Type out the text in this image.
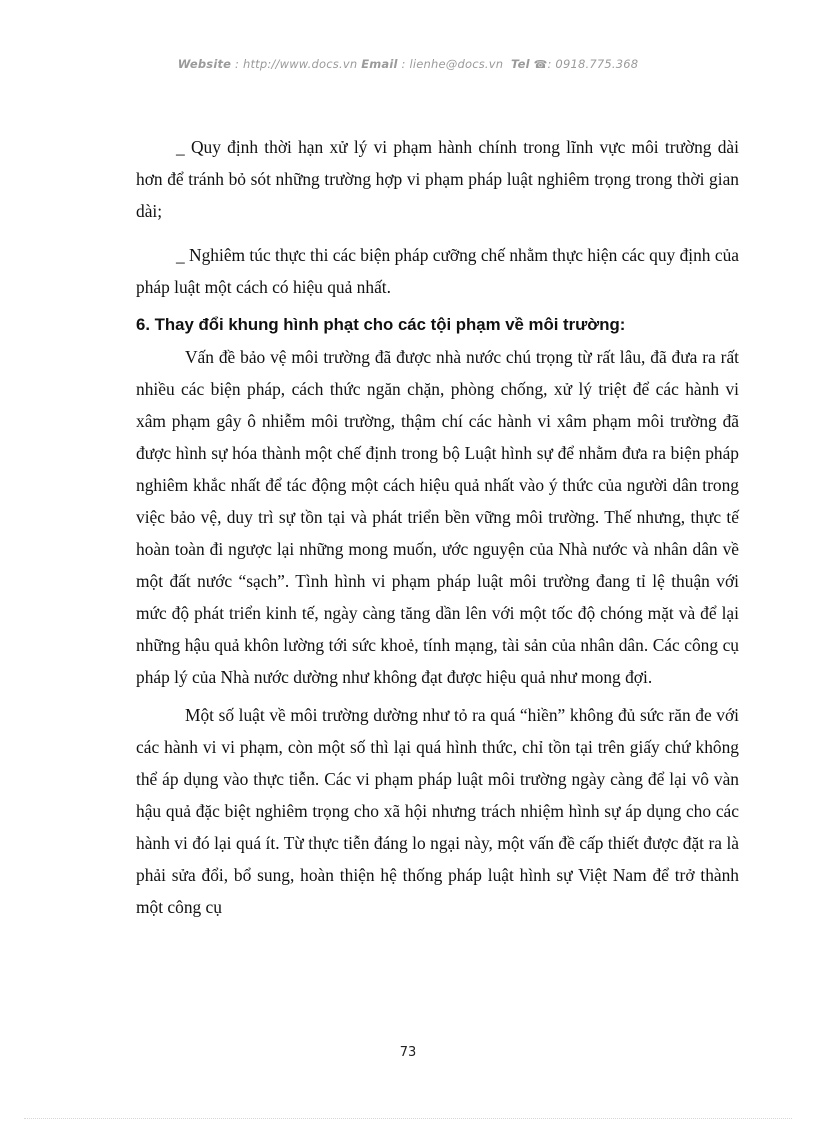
Website : http://www.docs.vn Email : lienhe@docs.vn Tel ☎: 0918.775.368

_ Quy định thời hạn xử lý vi phạm hành chính trong lĩnh vực môi trường dài hơn để tránh bỏ sót những trường hợp vi phạm pháp luật nghiêm trọng trong thời gian dài;

_ Nghiêm túc thực thi các biện pháp cưỡng chế nhằm thực hiện các quy định của pháp luật một cách có hiệu quả nhất.

6. Thay đổi khung hình phạt cho các tội phạm về môi trường:

Vấn đề bảo vệ môi trường đã được nhà nước chú trọng từ rất lâu, đã đưa ra rất nhiều các biện pháp, cách thức ngăn chặn, phòng chống, xử lý triệt để các hành vi xâm phạm gây ô nhiễm môi trường, thậm chí các hành vi xâm phạm môi trường đã được hình sự hóa thành một chế định trong bộ Luật hình sự để nhằm đưa ra biện pháp nghiêm khắc nhất để tác động một cách hiệu quả nhất vào ý thức của người dân trong việc bảo vệ, duy trì sự tồn tại và phát triển bền vững môi trường. Thế nhưng, thực tế hoàn toàn đi ngược lại những mong muốn, ước nguyện của Nhà nước và nhân dân về một đất nước “sạch”. Tình hình vi phạm pháp luật môi trường đang tỉ lệ thuận với mức độ phát triển kinh tế, ngày càng tăng dần lên với một tốc độ chóng mặt và để lại những hậu quả khôn lường tới sức khoẻ, tính mạng, tài sản của nhân dân. Các công cụ pháp lý của Nhà nước dường như không đạt được hiệu quả như mong đợi.

Một số luật về môi trường dường như tỏ ra quá “hiền” không đủ sức răn đe với các hành vi vi phạm, còn một số thì lại quá hình thức, chỉ tồn tại trên giấy chứ không thể áp dụng vào thực tiễn. Các vi phạm pháp luật môi trường ngày càng để lại vô vàn hậu quả đặc biệt nghiêm trọng cho xã hội nhưng trách nhiệm hình sự áp dụng cho các hành vi đó lại quá ít. Từ thực tiễn đáng lo ngại này, một vấn đề cấp thiết được đặt ra là phải sửa đổi, bổ sung, hoàn thiện hệ thống pháp luật hình sự Việt Nam để trở thành một công cụ

73
